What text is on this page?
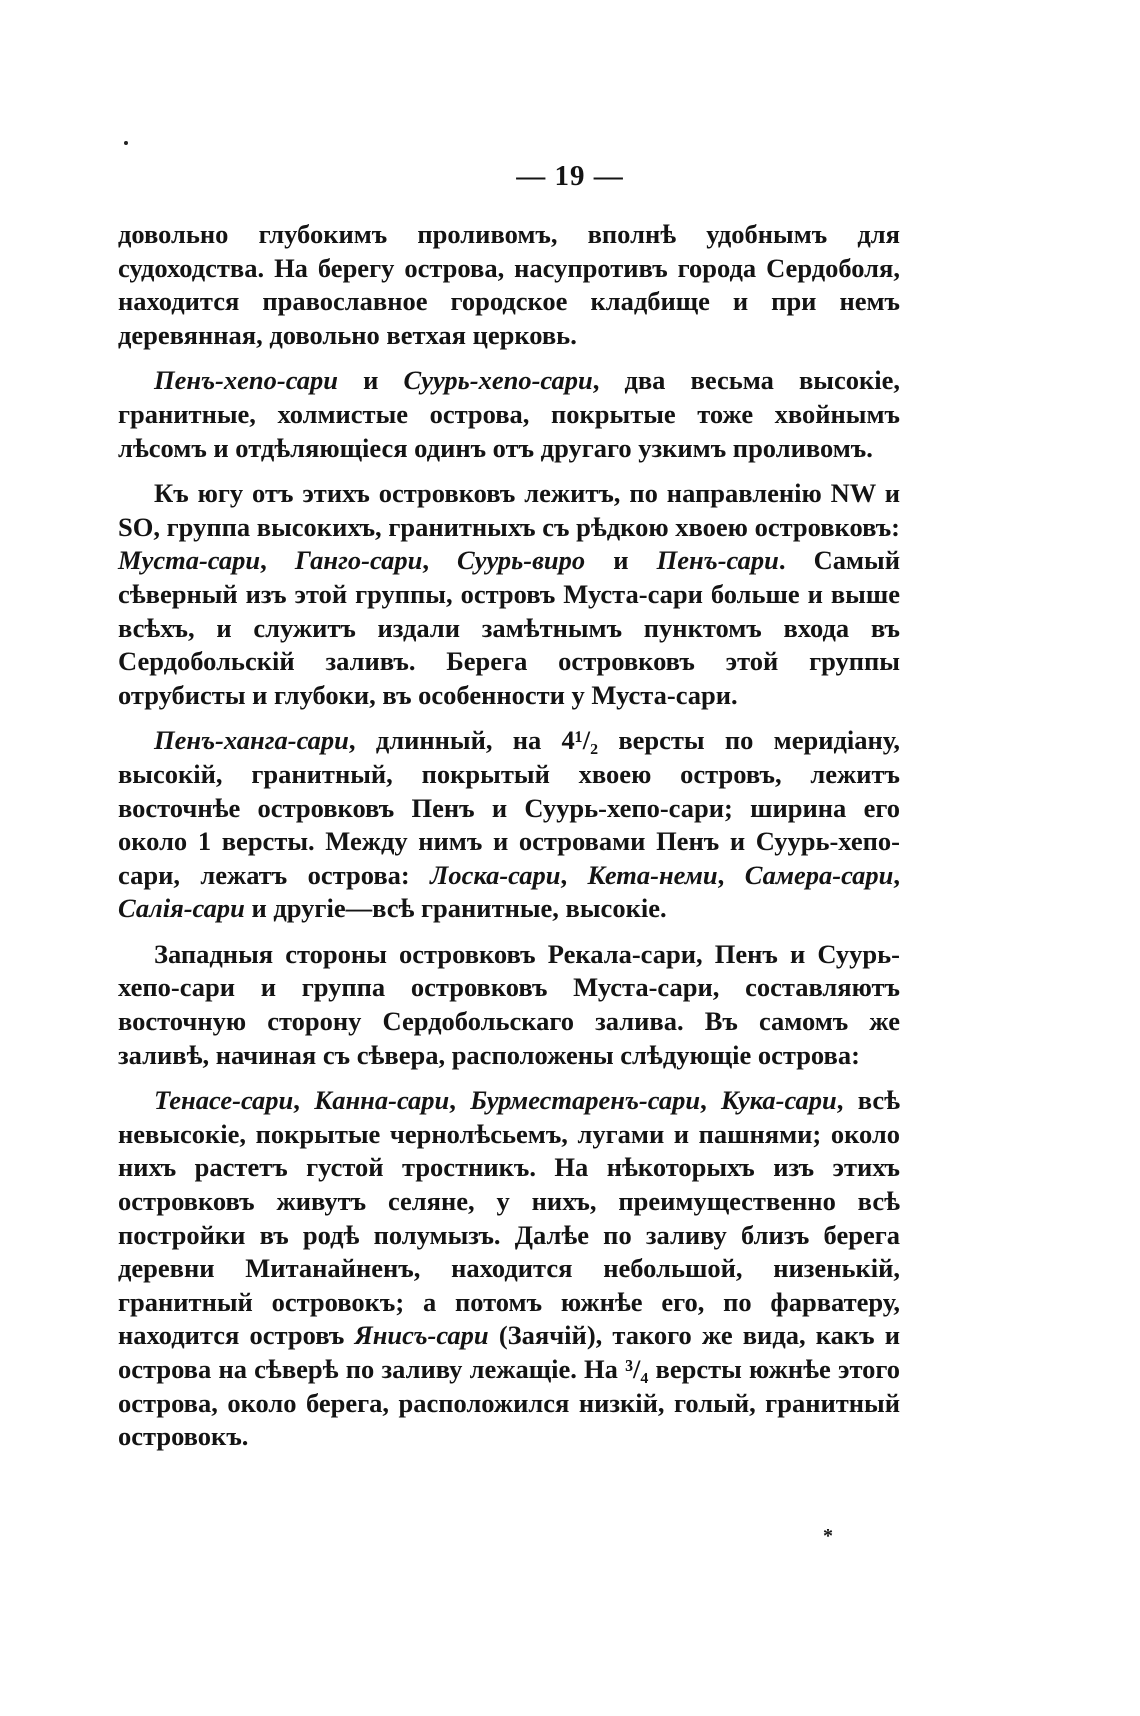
— 19 —

довольно глубокимъ проливомъ, вполнѣ удобнымъ для судоходства. На берегу острова, насупротивъ города Сердоболя, находится православное городское кладбище и при немъ деревянная, довольно ветхая церковь.

Пенъ-хепо-сари и Суурь-хепо-сари, два весьма высокіе, гранитные, холмистые острова, покрытые тоже хвойнымъ лѣсомъ и отдѣляющіеся одинъ отъ другаго узкимъ проливомъ.

Къ югу отъ этихъ островковъ лежитъ, по направленію NW и SO, группа высокихъ, гранитныхъ съ рѣдкою хвоею островковъ: Муста-сари, Ганго-сари, Суурь-виро и Пенъ-сари. Самый сѣверный изъ этой группы, островъ Муста-сари больше и выше всѣхъ, и служитъ издали замѣтнымъ пунктомъ входа въ Сердобольскій заливъ. Берега островковъ этой группы отрубисты и глубоки, въ особенности у Муста-сари.

Пенъ-ханга-сари, длинный, на 4¹/₂ версты по меридіану, высокій, гранитный, покрытый хвоею островъ, лежитъ восточнѣе островковъ Пенъ и Суурь-хепо-сари; ширина его около 1 версты. Между нимъ и островами Пенъ и Суурь-хепо-сари, лежатъ острова: Лоска-сари, Кета-неми, Самера-сари, Салія-сари и другіе—всѣ гранитные, высокіе.

Западныя стороны островковъ Рекала-сари, Пенъ и Суурь-хепо-сари и группа островковъ Муста-сари, составляютъ восточную сторону Сердобольскаго залива. Въ самомъ же заливѣ, начиная съ сѣвера, расположены слѣдующіе острова:

Тенасе-сари, Канна-сари, Бурместаренъ-сари, Кука-сари, всѣ невысокіе, покрытые чернолѣсьемъ, лугами и пашнями; около нихъ растетъ густой тростникъ. На нѣкоторыхъ изъ этихъ островковъ живутъ селяне, у нихъ, преимущественно всѣ постройки въ родѣ полумызъ. Далѣе по заливу близъ берега деревни Митанайненъ, находится небольшой, низенькій, гранитный островокъ; а потомъ южнѣе его, по фарватеру, находится островъ Янисъ-сари (Заячій), такого же вида, какъ и острова на сѣверѣ по заливу лежащіе. На ³/₄ версты южнѣе этого острова, около берега, расположился низкій, голый, гранитный островокъ.

*
